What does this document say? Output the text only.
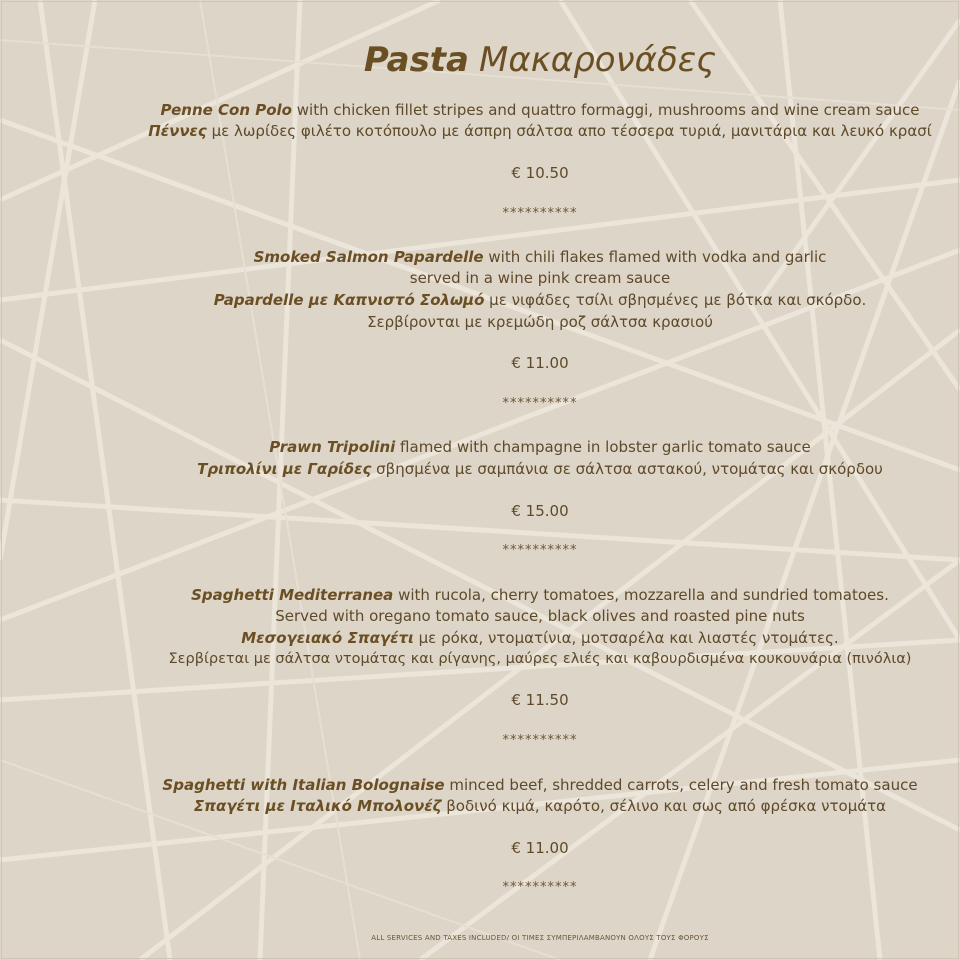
Pasta Μακαρονάδες
Penne Con Polo with chicken fillet stripes and quattro formaggi, mushrooms and wine cream sauce
Πέννες με λωρίδες φιλέτο κοτόπουλο με άσπρη σάλτσα απο τέσσερα τυριά, μανιτάρια και λευκό κρασί
€ 10.50
**********
Smoked Salmon Papardelle with chili flakes flamed with vodka and garlic
served in a wine pink cream sauce
Papardelle με Καπνιστό Σολωμό με νιφάδες τσίλι σβησμένες με βότκα και σκόρδο.
Σερβίρονται με κρεμώδη ροζ σάλτσα κρασιού
€ 11.00
**********
Prawn Tripolini flamed with champagne in lobster garlic tomato sauce
Τριπολίνι με Γαρίδες σβησμένα με σαμπάνια σε σάλτσα αστακού, ντομάτας και σκόρδου
€ 15.00
**********
Spaghetti Mediterranea with rucola, cherry tomatoes, mozzarella and sundried tomatoes.
Served with oregano tomato sauce, black olives and roasted pine nuts
Μεσογειακό Σπαγέτι με ρόκα, ντοματίνια, μοτσαρέλα και λιαστές ντομάτες.
Σερβίρεται με σάλτσα ντομάτας και ρίγανης, μαύρες ελιές και καβουρδισμένα κουκουνάρια (πινόλια)
€ 11.50
**********
Spaghetti with Italian Bolognaise minced beef, shredded carrots, celery and fresh tomato sauce
Σπαγέτι με Ιταλικό Μπολονέζ βοδινό κιμά, καρότο, σέλινο και σως από φρέσκα ντομάτα
€ 11.00
**********
ALL SERVICES AND TAXES INCLUDED/ ΟΙ ΤΙΜΕΣ ΣΥΜΠΕΡΙΛΑΜΒΑΝΟΥΝ ΟΛΟΥΣ ΤΟΥΣ ΦΟΡΟΥΣ
